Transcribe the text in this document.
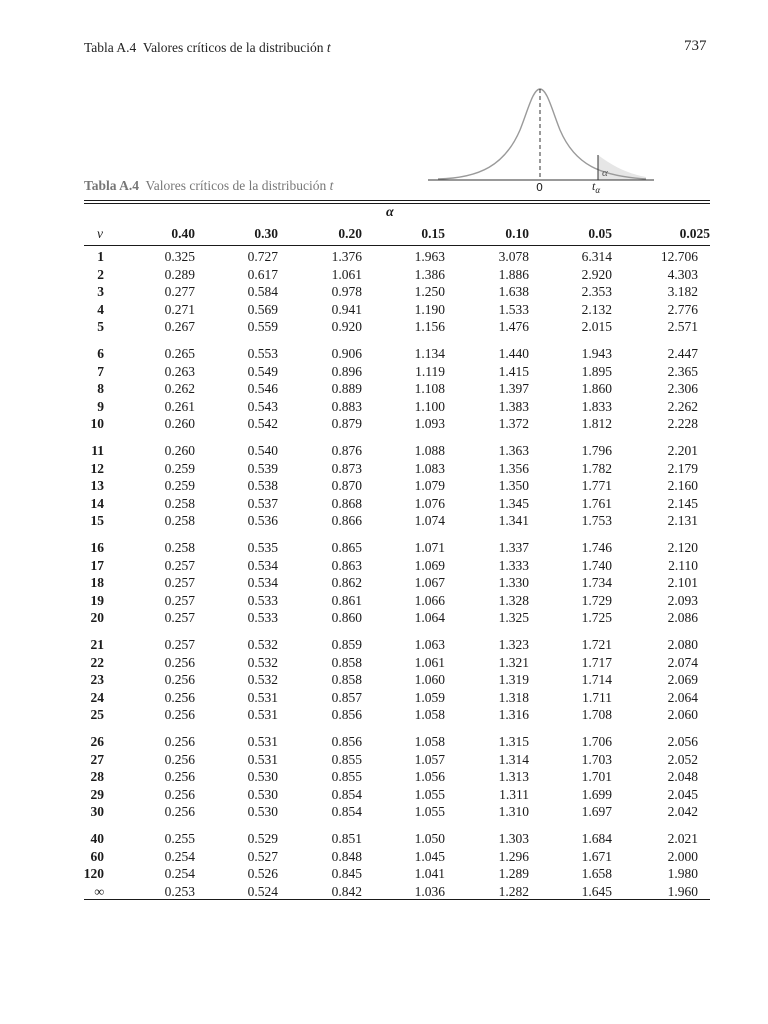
Tabla A.4 Valores críticos de la distribución t	737
0	$t_\alpha$
α
Tabla A.4 Valores críticos de la distribución t
α
v	0.40	0.30	0.20	0.15	0.10	0.05	0.025
1	0.325	0.727	1.376	1.963	3.078	6.314	12.706
2	0.289	0.617	1.061	1.386	1.886	2.920	4.303
3	0.277	0.584	0.978	1.250	1.638	2.353	3.182
4	0.271	0.569	0.941	1.190	1.533	2.132	2.776
5	0.267	0.559	0.920	1.156	1.476	2.015	2.571
6	0.265	0.553	0.906	1.134	1.440	1.943	2.447
7	0.263	0.549	0.896	1.119	1.415	1.895	2.365
8	0.262	0.546	0.889	1.108	1.397	1.860	2.306
9	0.261	0.543	0.883	1.100	1.383	1.833	2.262
10	0.260	0.542	0.879	1.093	1.372	1.812	2.228
11	0.260	0.540	0.876	1.088	1.363	1.796	2.201
12	0.259	0.539	0.873	1.083	1.356	1.782	2.179
13	0.259	0.538	0.870	1.079	1.350	1.771	2.160
14	0.258	0.537	0.868	1.076	1.345	1.761	2.145
15	0.258	0.536	0.866	1.074	1.341	1.753	2.131
16	0.258	0.535	0.865	1.071	1.337	1.746	2.120
17	0.257	0.534	0.863	1.069	1.333	1.740	2.110
18	0.257	0.534	0.862	1.067	1.330	1.734	2.101
19	0.257	0.533	0.861	1.066	1.328	1.729	2.093
20	0.257	0.533	0.860	1.064	1.325	1.725	2.086
21	0.257	0.532	0.859	1.063	1.323	1.721	2.080
22	0.256	0.532	0.858	1.061	1.321	1.717	2.074
23	0.256	0.532	0.858	1.060	1.319	1.714	2.069
24	0.256	0.531	0.857	1.059	1.318	1.711	2.064
25	0.256	0.531	0.856	1.058	1.316	1.708	2.060
26	0.256	0.531	0.856	1.058	1.315	1.706	2.056
27	0.256	0.531	0.855	1.057	1.314	1.703	2.052
28	0.256	0.530	0.855	1.056	1.313	1.701	2.048
29	0.256	0.530	0.854	1.055	1.311	1.699	2.045
30	0.256	0.530	0.854	1.055	1.310	1.697	2.042
40	0.255	0.529	0.851	1.050	1.303	1.684	2.021
60	0.254	0.527	0.848	1.045	1.296	1.671	2.000
120	0.254	0.526	0.845	1.041	1.289	1.658	1.980
∞	0.253	0.524	0.842	1.036	1.282	1.645	1.960
